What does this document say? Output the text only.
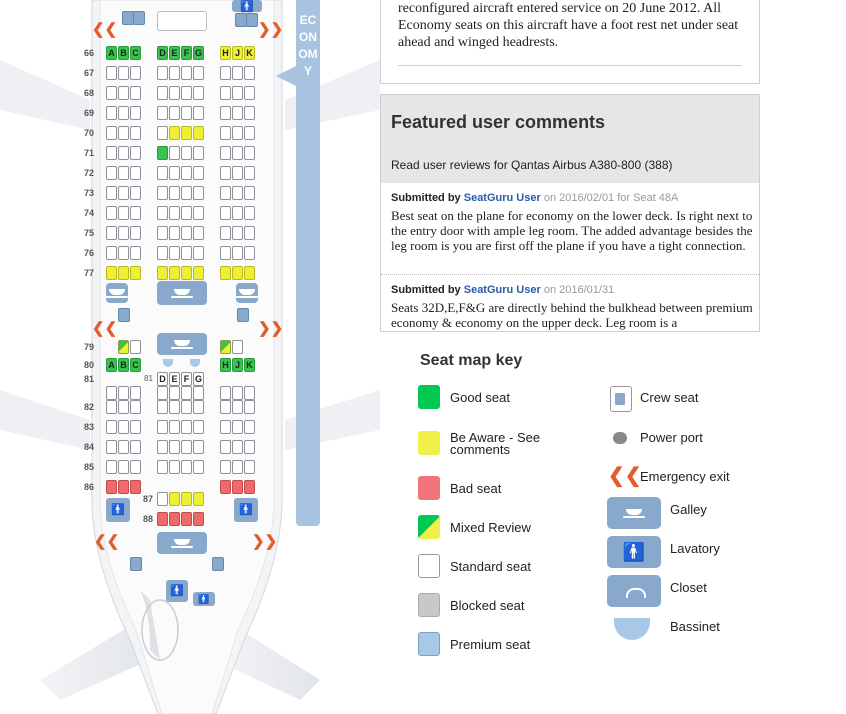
ECONOMY
🚹
❮❮	❯❯
66 A B C D E F G H J K
67
68
69
70
71
72
73
74
75
76
77
79
80 A B C	H J K
81	81 D E F G
82
83
84
85
86
87
88
❮❮	❯❯
🚹	🚹
❮❮	❯❯
🚹
🚹
reconfigured aircraft entered service on 20 June 2012. All Economy seats on this aircraft have a foot rest net under seat ahead and winged headrests.
Featured user comments
Read user reviews for Qantas Airbus A380-800 (388)
Submitted by SeatGuru User on 2016/02/01 for Seat 48A
Best seat on the plane for economy on the lower deck. Is right next to the entry door with ample leg room. The added advantage besides the leg room is you are first off the plane if you have a tight connection.
Submitted by SeatGuru User on 2016/01/31
Seats 32D,E,F&G are directly behind the bulkhead between premium economy & economy on the upper deck. Leg room is a
Seat map key
Good seat
Be Aware - See comments
Bad seat
Mixed Review
Standard seat
Blocked seat
Premium seat
Crew seat
Power port
❮❮
Emergency exit
Galley
🚹	Lavatory
Closet
Bassinet
